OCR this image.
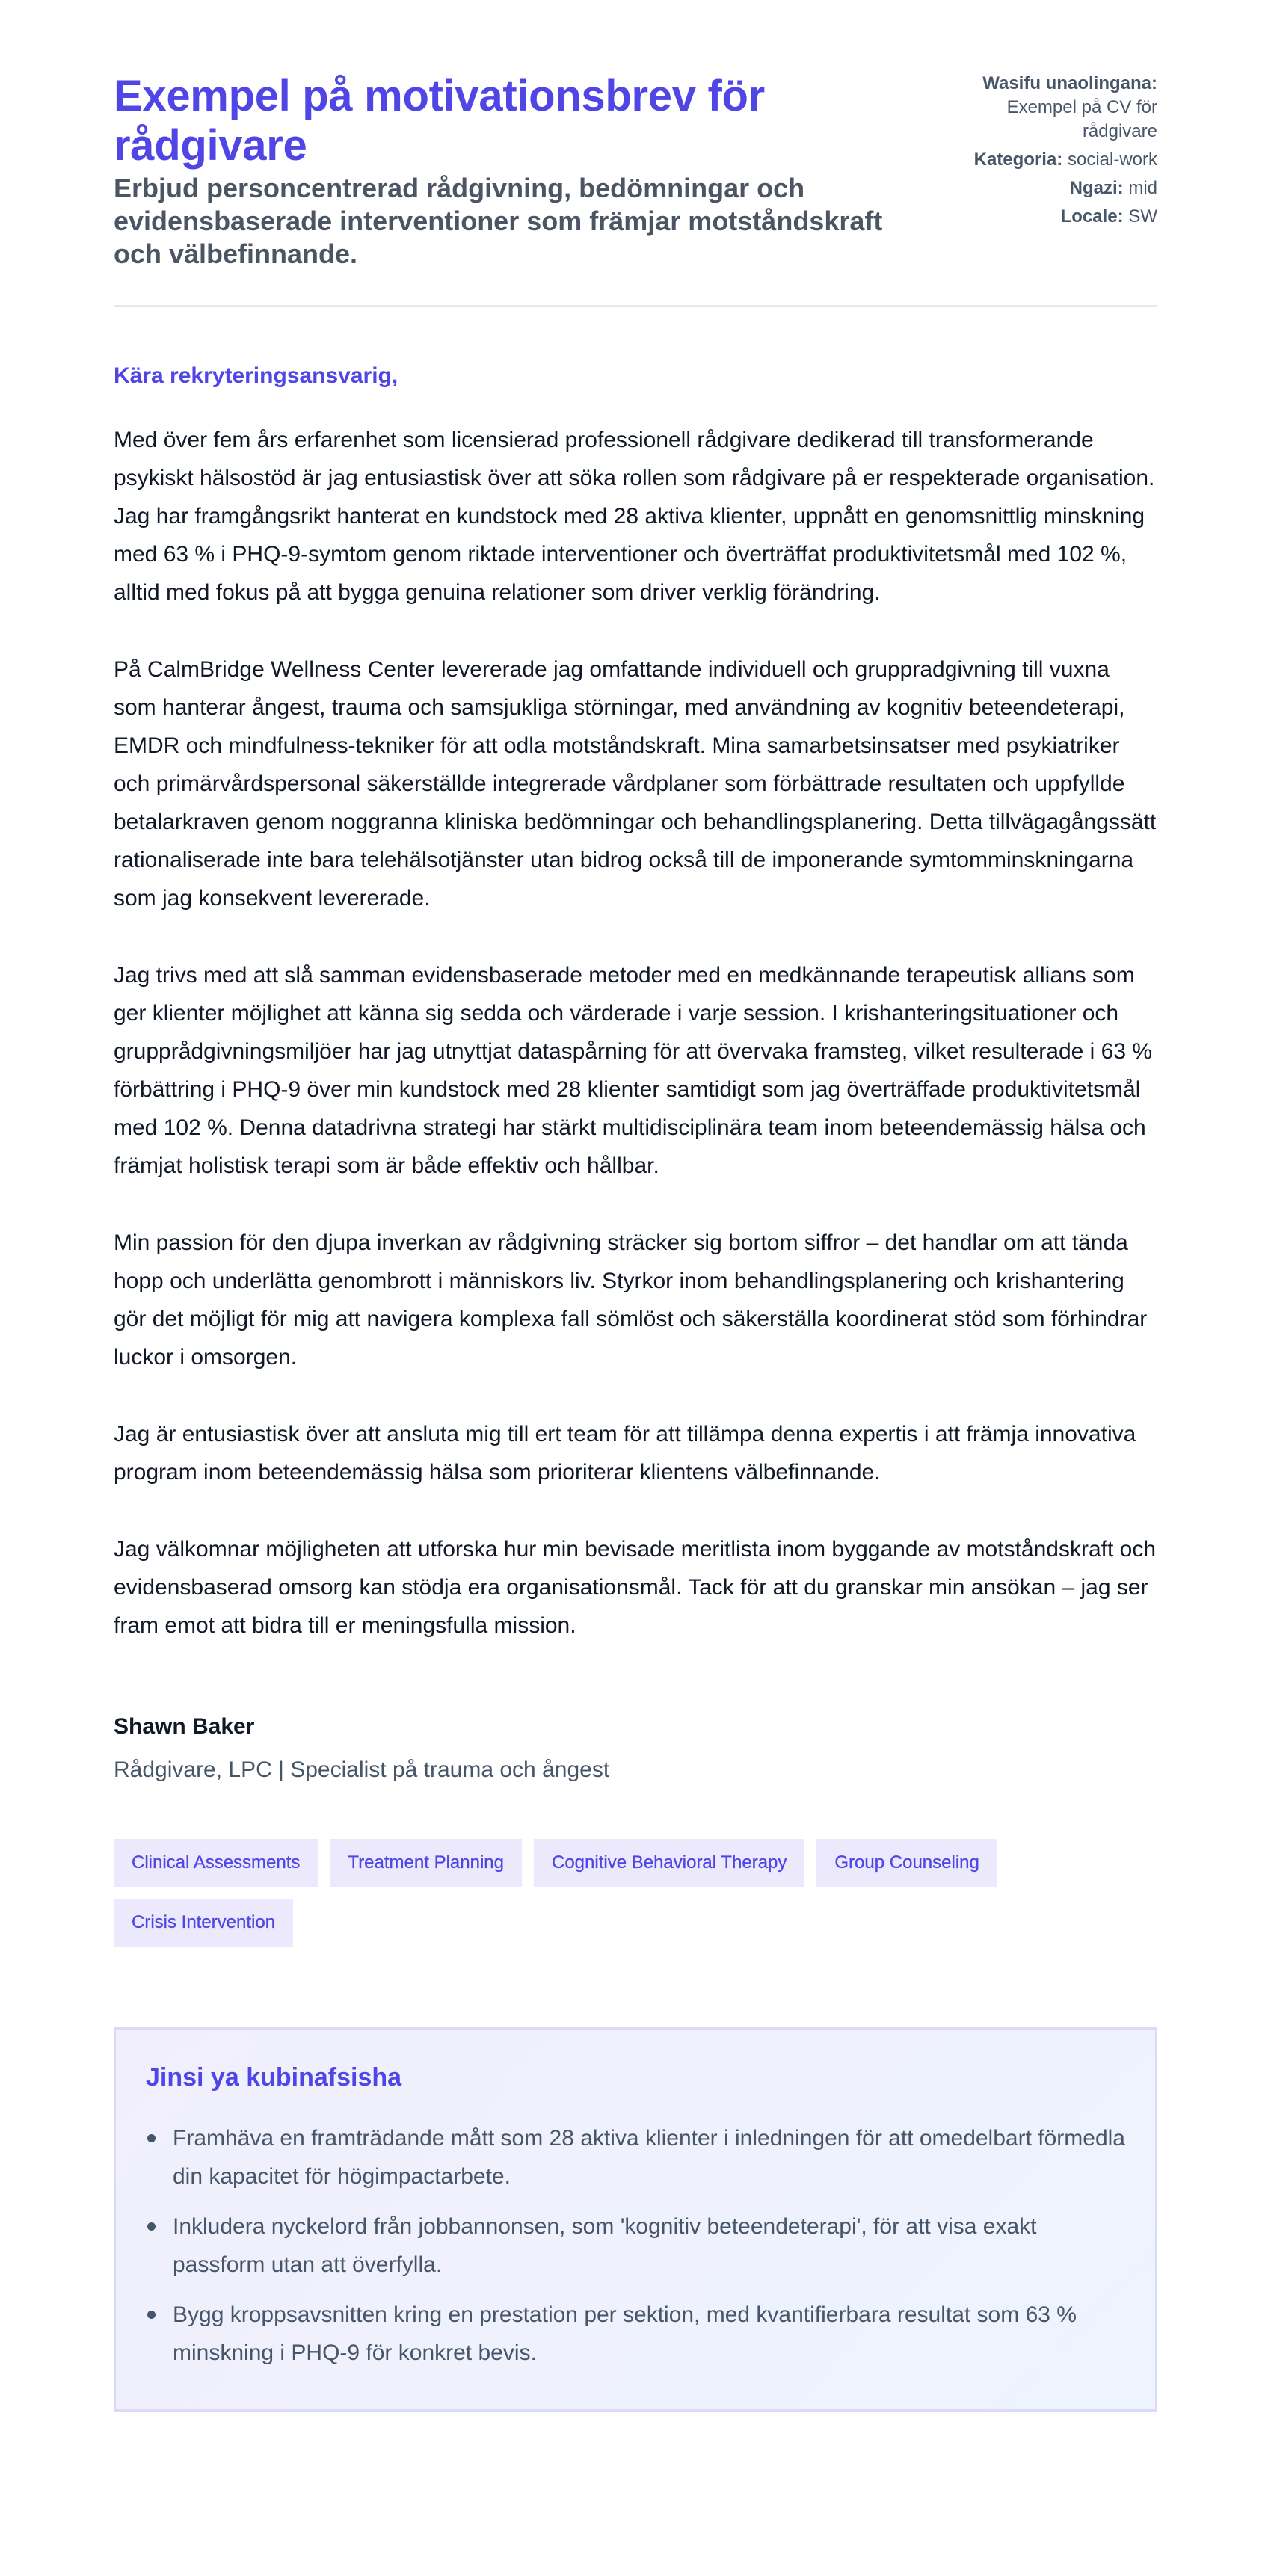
Exempel på motivationsbrev för rådgivare
Erbjud personcentrerad rådgivning, bedömningar och evidensbaserade interventioner som främjar motståndskraft och välbefinnande.
Wasifu unaolingana: Exempel på CV för rådgivare
Kategoria: social-work
Ngazi: mid
Locale: SW

Kära rekryteringsansvarig,

Med över fem års erfarenhet som licensierad professionell rådgivare dedikerad till transformerande psykiskt hälsostöd är jag entusiastisk över att söka rollen som rådgivare på er respekterade organisation. Jag har framgångsrikt hanterat en kundstock med 28 aktiva klienter, uppnått en genomsnittlig minskning med 63 % i PHQ-9-symtom genom riktade interventioner och överträffat produktivitetsmål med 102 %, alltid med fokus på att bygga genuina relationer som driver verklig förändring.

På CalmBridge Wellness Center levererade jag omfattande individuell och gruppradgivning till vuxna som hanterar ångest, trauma och samsjukliga störningar, med användning av kognitiv beteendeterapi, EMDR och mindfulness-tekniker för att odla motståndskraft. Mina samarbetsinsatser med psykiatriker och primärvårdspersonal säkerställde integrerade vårdplaner som förbättrade resultaten och uppfyllde betalarkraven genom noggranna kliniska bedömningar och behandlingsplanering. Detta tillvägagångssätt rationaliserade inte bara telehälsotjänster utan bidrog också till de imponerande symtomminskningarna som jag konsekvent levererade.

Jag trivs med att slå samman evidensbaserade metoder med en medkännande terapeutisk allians som ger klienter möjlighet att känna sig sedda och värderade i varje session. I krishanteringsituationer och grupprådgivningsmiljöer har jag utnyttjat dataspårning för att övervaka framsteg, vilket resulterade i 63 % förbättring i PHQ-9 över min kundstock med 28 klienter samtidigt som jag överträffade produktivitetsmål med 102 %. Denna datadrivna strategi har stärkt multidisciplinära team inom beteendemässig hälsa och främjat holistisk terapi som är både effektiv och hållbar.

Min passion för den djupa inverkan av rådgivning sträcker sig bortom siffror – det handlar om att tända hopp och underlätta genombrott i människors liv. Styrkor inom behandlingsplanering och krishantering gör det möjligt för mig att navigera komplexa fall sömlöst och säkerställa koordinerat stöd som förhindrar luckor i omsorgen.

Jag är entusiastisk över att ansluta mig till ert team för att tillämpa denna expertis i att främja innovativa program inom beteendemässig hälsa som prioriterar klientens välbefinnande.

Jag välkomnar möjligheten att utforska hur min bevisade meritlista inom byggande av motståndskraft och evidensbaserad omsorg kan stödja era organisationsmål. Tack för att du granskar min ansökan – jag ser fram emot att bidra till er meningsfulla mission.

Shawn Baker

Rådgivare, LPC | Specialist på trauma och ångest

Clinical Assessments	Treatment Planning	Cognitive Behavioral Therapy	Group Counseling
Crisis Intervention
Jinsi ya kubinafsisha
Framhäva en framträdande mått som 28 aktiva klienter i inledningen för att omedelbart förmedla din kapacitet för högimpactarbete.
Inkludera nyckelord från jobbannonsen, som 'kognitiv beteendeterapi', för att visa exakt passform utan att överfylla.
Bygg kroppsavsnitten kring en prestation per sektion, med kvantifierbara resultat som 63 % minskning i PHQ-9 för konkret bevis.
